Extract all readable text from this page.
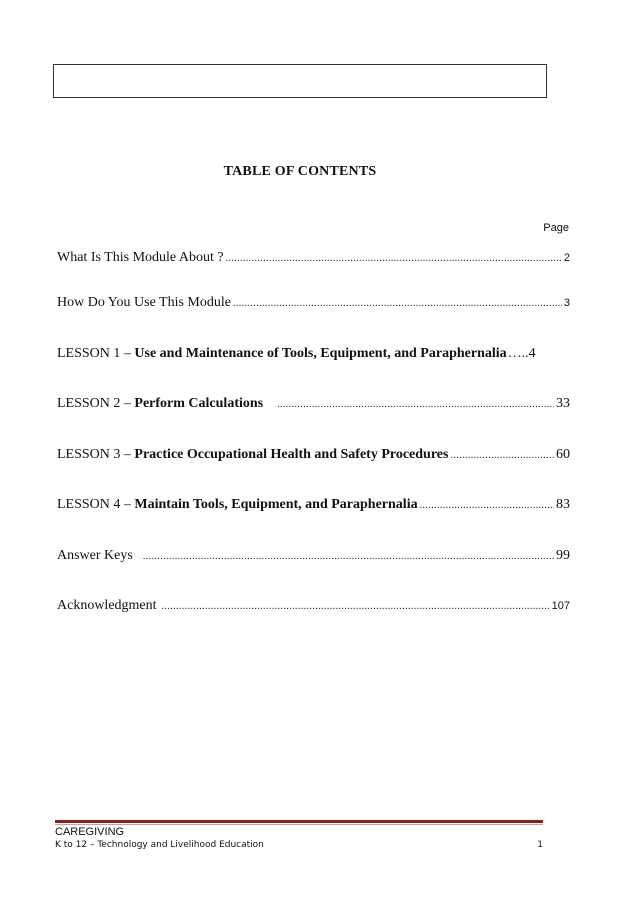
TABLE OF CONTENTS
Page
What Is This Module About ? .....	2
How Do You Use This Module .....	3
LESSON 1 – Use and Maintenance of Tools, Equipment, and Paraphernalia ….. 4
LESSON 2 – Perform Calculations .....	33
LESSON 3 – Practice Occupational Health and Safety Procedures .....	60
LESSON 4 – Maintain Tools, Equipment, and Paraphernalia .....	83
Answer Keys .....	99
Acknowledgment .....	107
CAREGIVING
K to 12 – Technology and Livelihood Education	1
